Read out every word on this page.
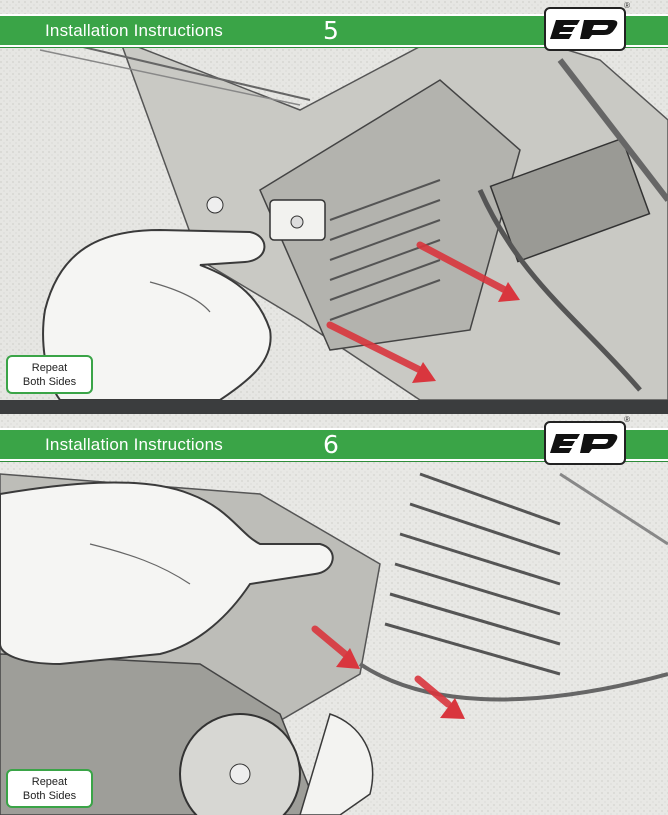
Installation Instructions	5
®
Repeat
Both Sides
Installation Instructions	6
®
Repeat
Both Sides
